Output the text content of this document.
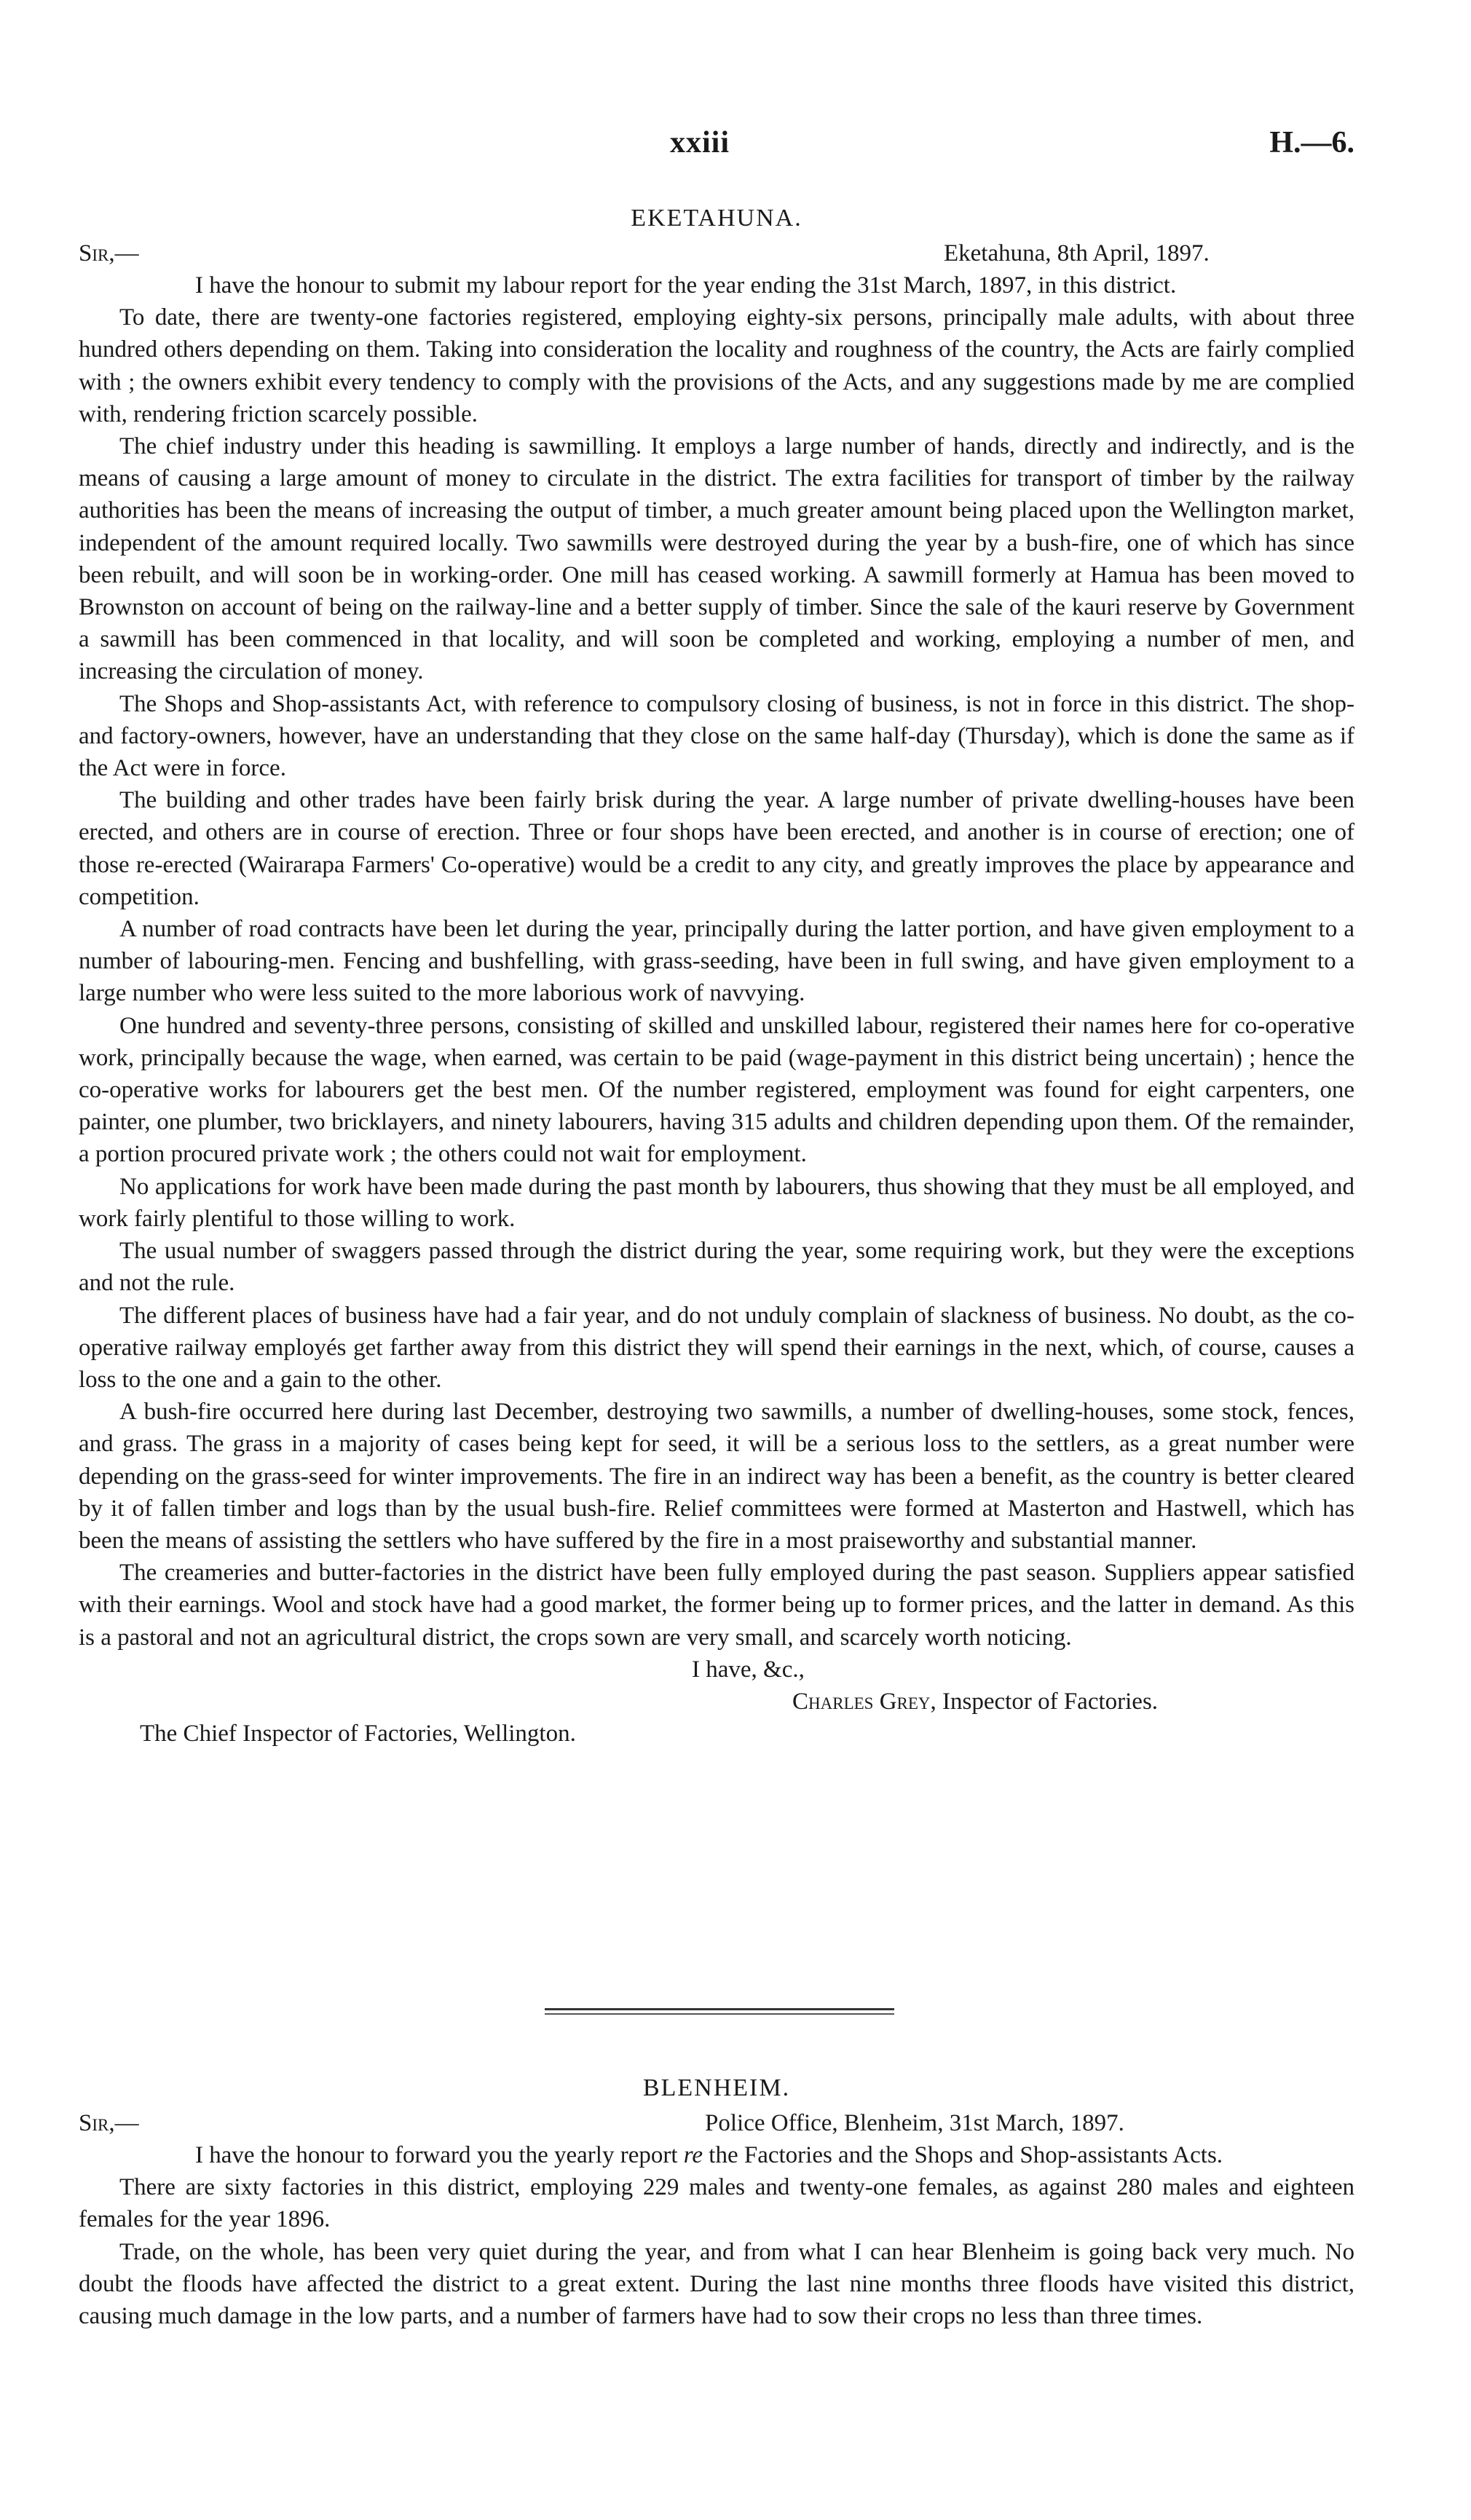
xxiii	H.—6.

EKETAHUNA.

Sir,—	Eketahuna, 8th April, 1897.

I have the honour to submit my labour report for the year ending the 31st March, 1897, in this district.

To date, there are twenty-one factories registered, employing eighty-six persons, principally male adults, with about three hundred others depending on them. Taking into consideration the locality and roughness of the country, the Acts are fairly complied with ; the owners exhibit every tendency to comply with the provisions of the Acts, and any suggestions made by me are complied with, rendering friction scarcely possible.

The chief industry under this heading is sawmilling. It employs a large number of hands, directly and indirectly, and is the means of causing a large amount of money to circulate in the district. The extra facilities for transport of timber by the railway authorities has been the means of increasing the output of timber, a much greater amount being placed upon the Wellington market, independent of the amount required locally. Two sawmills were destroyed during the year by a bush-fire, one of which has since been rebuilt, and will soon be in working-order. One mill has ceased working. A sawmill formerly at Hamua has been moved to Brownston on account of being on the railway-line and a better supply of timber. Since the sale of the kauri reserve by Government a sawmill has been commenced in that locality, and will soon be completed and working, employing a number of men, and increasing the circulation of money.

The Shops and Shop-assistants Act, with reference to compulsory closing of business, is not in force in this district. The shop- and factory-owners, however, have an understanding that they close on the same half-day (Thursday), which is done the same as if the Act were in force.

The building and other trades have been fairly brisk during the year. A large number of private dwelling-houses have been erected, and others are in course of erection. Three or four shops have been erected, and another is in course of erection; one of those re-erected (Wairarapa Farmers' Co-operative) would be a credit to any city, and greatly improves the place by appearance and competition.

A number of road contracts have been let during the year, principally during the latter portion, and have given employment to a number of labouring-men. Fencing and bushfelling, with grass-seeding, have been in full swing, and have given employment to a large number who were less suited to the more laborious work of navvying.

One hundred and seventy-three persons, consisting of skilled and unskilled labour, registered their names here for co-operative work, principally because the wage, when earned, was certain to be paid (wage-payment in this district being uncertain) ; hence the co-operative works for labourers get the best men. Of the number registered, employment was found for eight carpenters, one painter, one plumber, two bricklayers, and ninety labourers, having 315 adults and children depending upon them. Of the remainder, a portion procured private work ; the others could not wait for employment.

No applications for work have been made during the past month by labourers, thus showing that they must be all employed, and work fairly plentiful to those willing to work.

The usual number of swaggers passed through the district during the year, some requiring work, but they were the exceptions and not the rule.

The different places of business have had a fair year, and do not unduly complain of slackness of business. No doubt, as the co-operative railway employés get farther away from this district they will spend their earnings in the next, which, of course, causes a loss to the one and a gain to the other.

A bush-fire occurred here during last December, destroying two sawmills, a number of dwelling-houses, some stock, fences, and grass. The grass in a majority of cases being kept for seed, it will be a serious loss to the settlers, as a great number were depending on the grass-seed for winter improvements. The fire in an indirect way has been a benefit, as the country is better cleared by it of fallen timber and logs than by the usual bush-fire. Relief committees were formed at Masterton and Hastwell, which has been the means of assisting the settlers who have suffered by the fire in a most praiseworthy and substantial manner.

The creameries and butter-factories in the district have been fully employed during the past season. Suppliers appear satisfied with their earnings. Wool and stock have had a good market, the former being up to former prices, and the latter in demand. As this is a pastoral and not an agricultural district, the crops sown are very small, and scarcely worth noticing.

I have, &c.,

Charles Grey, Inspector of Factories.

The Chief Inspector of Factories, Wellington.

BLENHEIM.

Sir,—	Police Office, Blenheim, 31st March, 1897.

I have the honour to forward you the yearly report re the Factories and the Shops and Shop-assistants Acts.

There are sixty factories in this district, employing 229 males and twenty-one females, as against 280 males and eighteen females for the year 1896.

Trade, on the whole, has been very quiet during the year, and from what I can hear Blenheim is going back very much. No doubt the floods have affected the district to a great extent. During the last nine months three floods have visited this district, causing much damage in the low parts, and a number of farmers have had to sow their crops no less than three times.
